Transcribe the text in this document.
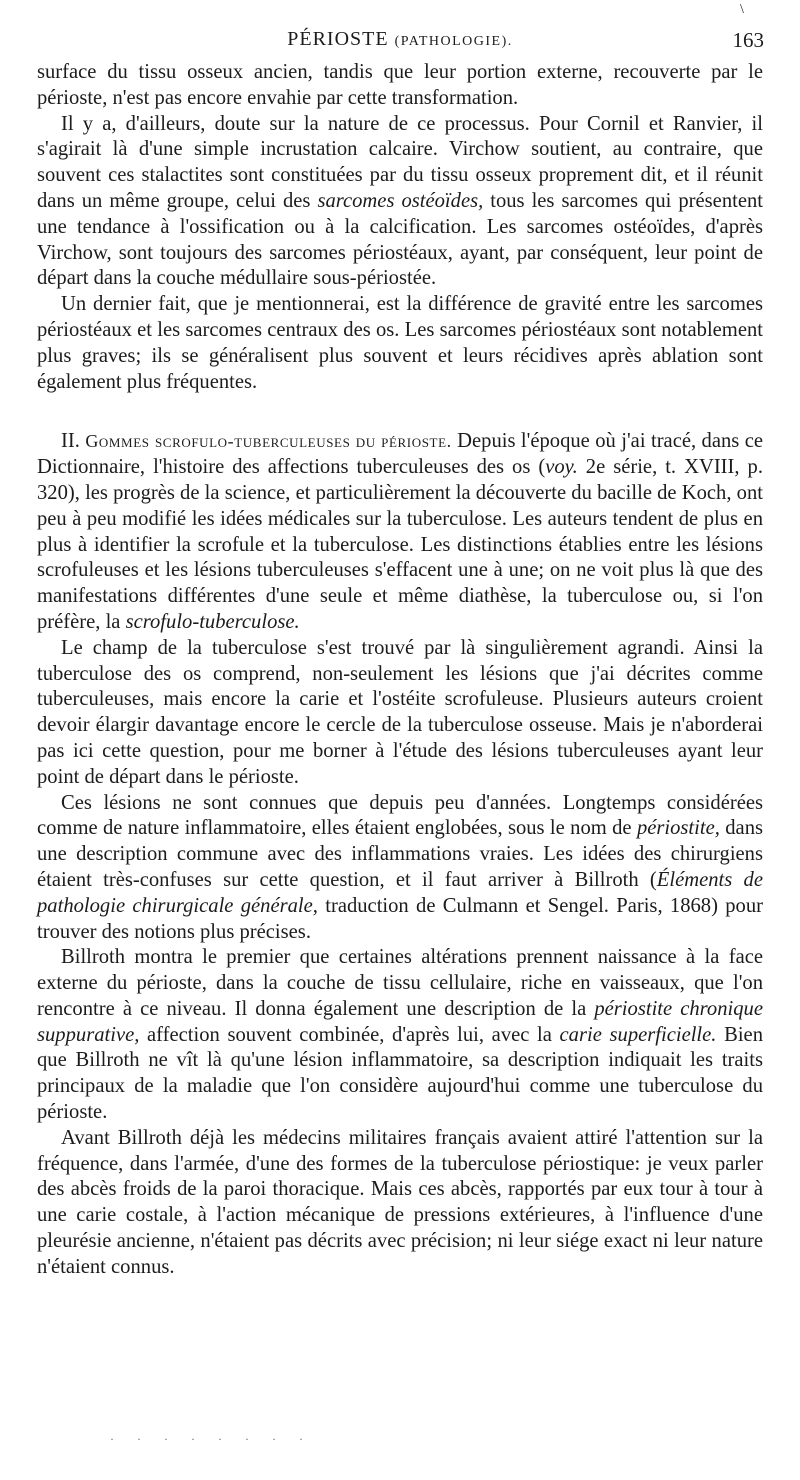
\
PÉRIOSTE (PATHOLOGIE).	163

surface du tissu osseux ancien, tandis que leur portion externe, recouverte par le périoste, n'est pas encore envahie par cette transformation.

Il y a, d'ailleurs, doute sur la nature de ce processus. Pour Cornil et Ranvier, il s'agirait là d'une simple incrustation calcaire. Virchow soutient, au contraire, que souvent ces stalactites sont constituées par du tissu osseux proprement dit, et il réunit dans un même groupe, celui des sarcomes ostéoïdes, tous les sarcomes qui présentent une tendance à l'ossification ou à la calcification. Les sarcomes ostéoïdes, d'après Virchow, sont toujours des sarcomes périostéaux, ayant, par conséquent, leur point de départ dans la couche médullaire sous-périostée.

Un dernier fait, que je mentionnerai, est la différence de gravité entre les sarcomes périostéaux et les sarcomes centraux des os. Les sarcomes périostéaux sont notablement plus graves; ils se généralisent plus souvent et leurs récidives après ablation sont également plus fréquentes.

II. Gommes scrofulo-tuberculeuses du périoste. Depuis l'époque où j'ai tracé, dans ce Dictionnaire, l'histoire des affections tuberculeuses des os (voy. 2e série, t. XVIII, p. 320), les progrès de la science, et particulièrement la découverte du bacille de Koch, ont peu à peu modifié les idées médicales sur la tuberculose. Les auteurs tendent de plus en plus à identifier la scrofule et la tuberculose. Les distinctions établies entre les lésions scrofuleuses et les lésions tuberculeuses s'effacent une à une; on ne voit plus là que des manifestations différentes d'une seule et même diathèse, la tuberculose ou, si l'on préfère, la scrofulo-tuberculose.

Le champ de la tuberculose s'est trouvé par là singulièrement agrandi. Ainsi la tuberculose des os comprend, non-seulement les lésions que j'ai décrites comme tuberculeuses, mais encore la carie et l'ostéite scrofuleuse. Plusieurs auteurs croient devoir élargir davantage encore le cercle de la tuberculose osseuse. Mais je n'aborderai pas ici cette question, pour me borner à l'étude des lésions tuberculeuses ayant leur point de départ dans le périoste.

Ces lésions ne sont connues que depuis peu d'années. Longtemps considérées comme de nature inflammatoire, elles étaient englobées, sous le nom de périostite, dans une description commune avec des inflammations vraies. Les idées des chirurgiens étaient très-confuses sur cette question, et il faut arriver à Billroth (Éléments de pathologie chirurgicale générale, traduction de Culmann et Sengel. Paris, 1868) pour trouver des notions plus précises.

Billroth montra le premier que certaines altérations prennent naissance à la face externe du périoste, dans la couche de tissu cellulaire, riche en vaisseaux, que l'on rencontre à ce niveau. Il donna également une description de la périostite chronique suppurative, affection souvent combinée, d'après lui, avec la carie superficielle. Bien que Billroth ne vît là qu'une lésion inflammatoire, sa description indiquait les traits principaux de la maladie que l'on considère aujourd'hui comme une tuberculose du périoste.

Avant Billroth déjà les médecins militaires français avaient attiré l'attention sur la fréquence, dans l'armée, d'une des formes de la tuberculose périostique: je veux parler des abcès froids de la paroi thoracique. Mais ces abcès, rapportés par eux tour à tour à une carie costale, à l'action mécanique de pressions extérieures, à l'influence d'une pleurésie ancienne, n'étaient pas décrits avec précision; ni leur siége exact ni leur nature n'étaient connus.

· · · · · · · ·
